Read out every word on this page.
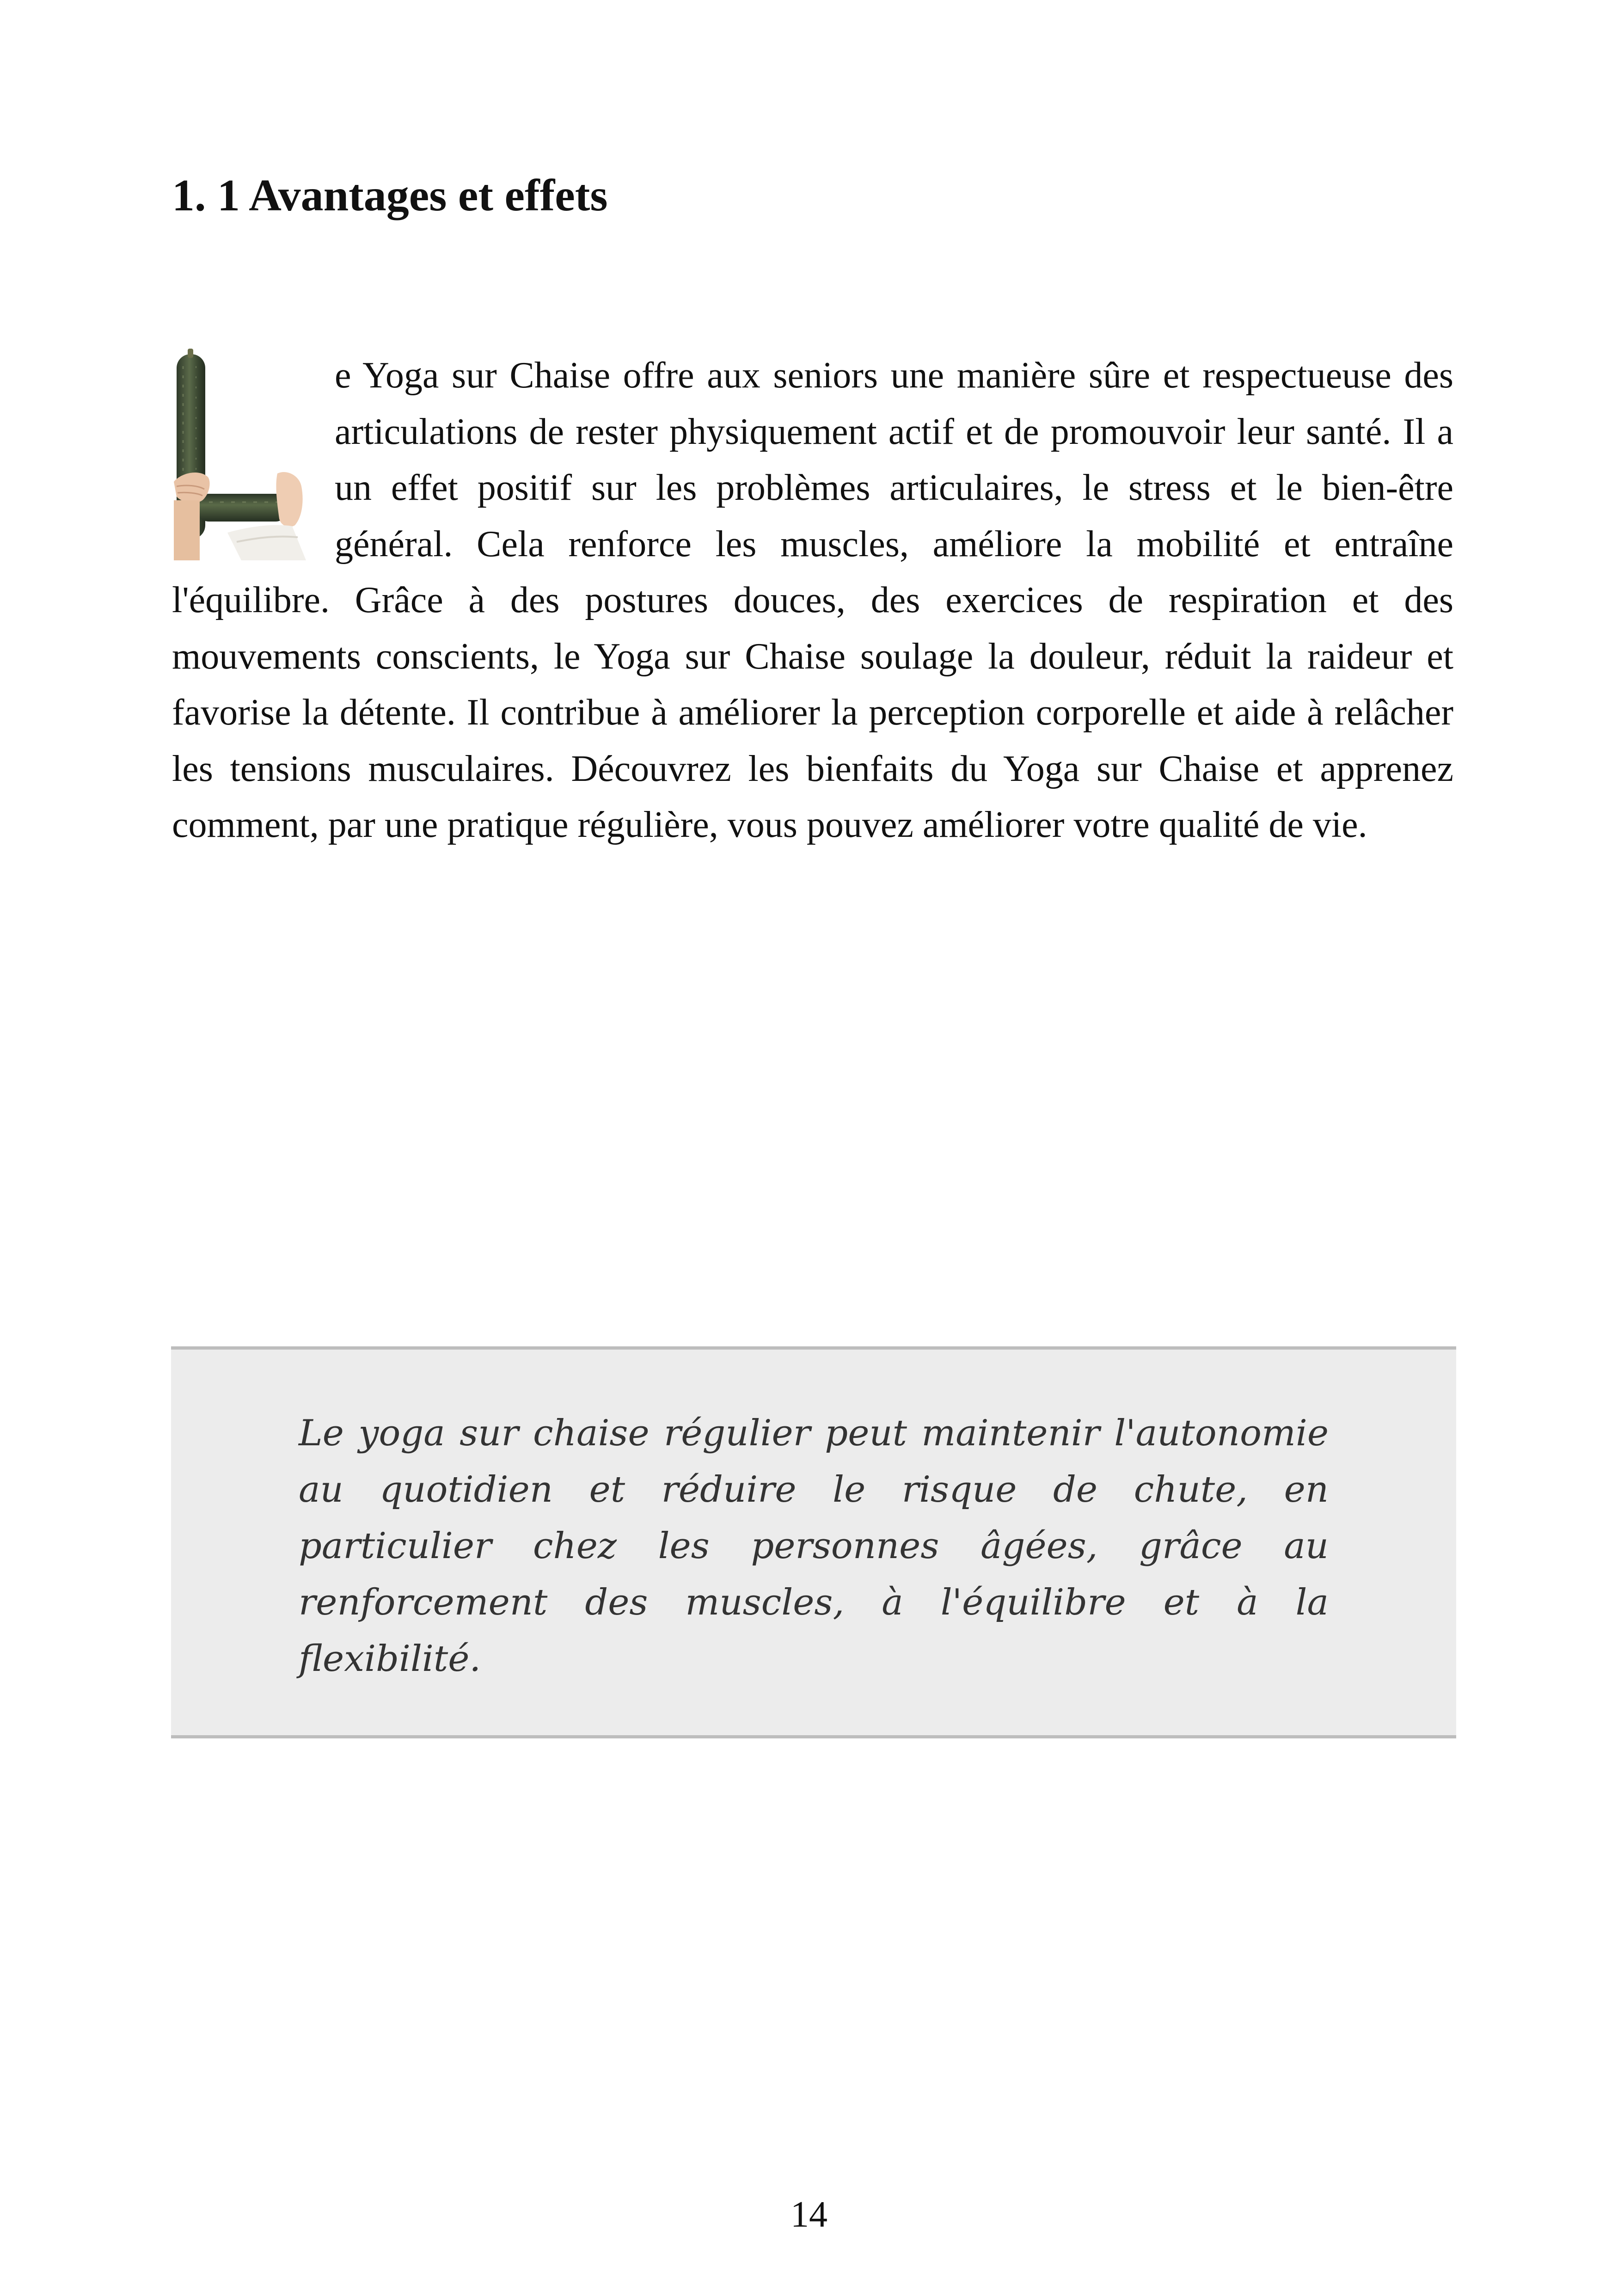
1. 1 Avantages et effets

e Yoga sur Chaise offre aux seniors une manière sûre et respectueuse des articulations de rester physiquement actif et de promouvoir leur santé. Il a un effet positif sur les problèmes articulaires, le stress et le bien-être général. Cela renforce les muscles, améliore la mobilité et entraîne l'équilibre. Grâce à des postures douces, des exercices de respiration et des mouvements conscients, le Yoga sur Chaise soulage la douleur, réduit la raideur et favorise la détente. Il contribue à améliorer la perception corporelle et aide à relâcher les tensions musculaires. Découvrez les bienfaits du Yoga sur Chaise et apprenez comment, par une pratique régulière, vous pouvez améliorer votre qualité de vie.

Le yoga sur chaise régulier peut maintenir l'autonomie au quotidien et réduire le risque de chute, en particulier chez les personnes âgées, grâce au renforcement des muscles, à l'équilibre et à la flexibilité.

14
